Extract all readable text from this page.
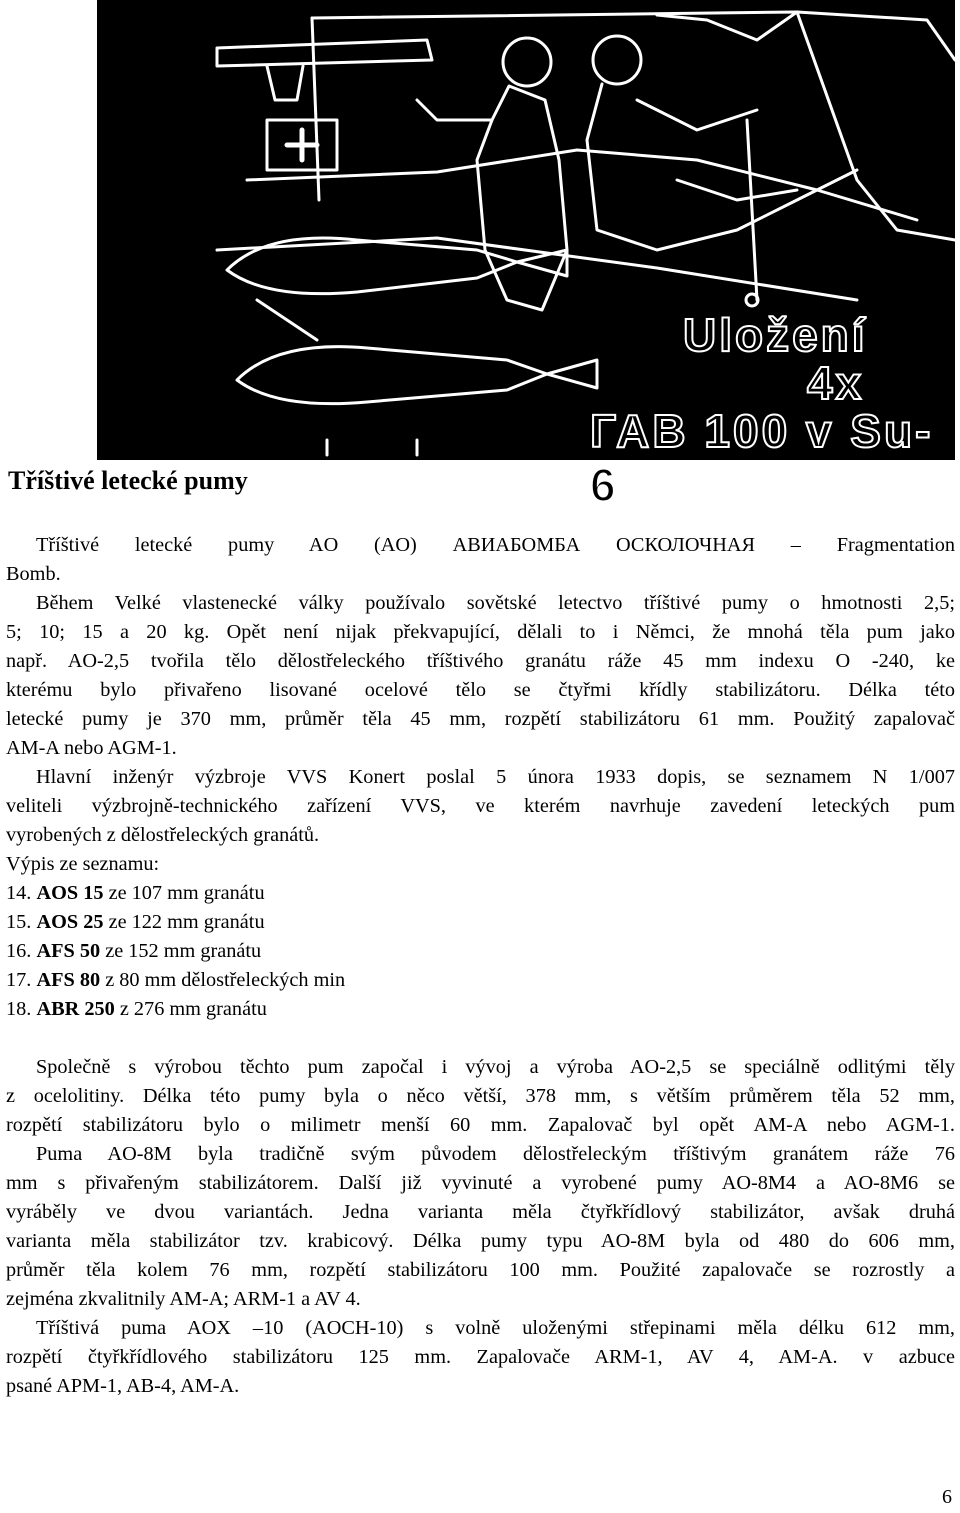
Uložení
4x
ГАВ 100 v Su-6
Tříštivé letecké pumy
Tříštivé letecké pumy AO (AO) АВИАБОМБА ОСКОЛОЧНАЯ – Fragmentation
Bomb.
Během Velké vlastenecké války používalo sovětské letectvo tříštivé pumy o hmotnosti 2,5;
5; 10; 15 a 20 kg. Opět není nijak překvapující, dělali to i Němci, že mnohá těla pum jako
např. AO-2,5 tvořila tělo dělostřeleckého tříštivého granátu ráže 45 mm indexu O -240, ke
kterému bylo přivařeno lisované ocelové tělo se čtyřmi křídly stabilizátoru. Délka této
letecké pumy je 370 mm, průměr těla 45 mm, rozpětí stabilizátoru 61 mm. Použitý zapalovač
AM-A nebo AGM-1.
Hlavní inženýr výzbroje VVS Konert poslal 5 února 1933 dopis, se seznamem N 1/007
veliteli výzbrojně-technického zařízení VVS, ve kterém navrhuje zavedení leteckých pum
vyrobených z dělostřeleckých granátů.
Výpis ze seznamu:
14. AOS 15 ze 107 mm granátu
15. AOS 25 ze 122 mm granátu
16. AFS 50 ze 152 mm granátu
17. AFS 80 z 80 mm dělostřeleckých min
18. ABR 250 z 276 mm granátu
Společně s výrobou těchto pum započal i vývoj a výroba AO-2,5 se speciálně odlitými těly
z ocelolitiny. Délka této pumy byla o něco větší, 378 mm, s větším průměrem těla 52 mm,
rozpětí stabilizátoru bylo o milimetr menší 60 mm. Zapalovač byl opět AM-A nebo AGM-1.
Puma AO-8M byla tradičně svým původem dělostřeleckým tříštivým granátem ráže 76
mm s přivařeným stabilizátorem. Další již vyvinuté a vyrobené pumy AO-8M4 a AO-8M6 se
vyráběly ve dvou variantách. Jedna varianta měla čtyřkřídlový stabilizátor, avšak druhá
varianta měla stabilizátor tzv. krabicový. Délka pumy typu AO-8M byla od 480 do 606 mm,
průměr těla kolem 76 mm, rozpětí stabilizátoru 100 mm. Použité zapalovače se rozrostly a
zejména zkvalitnily AM-A; ARM-1 a AV 4.
Tříštivá puma AOX –10 (AOCH-10) s volně uloženými střepinami měla délku 612 mm,
rozpětí čtyřkřídlového stabilizátoru 125 mm. Zapalovače ARM-1, AV 4, AM-A. v azbuce
psané APM-1, AB-4, AM-A.
6
